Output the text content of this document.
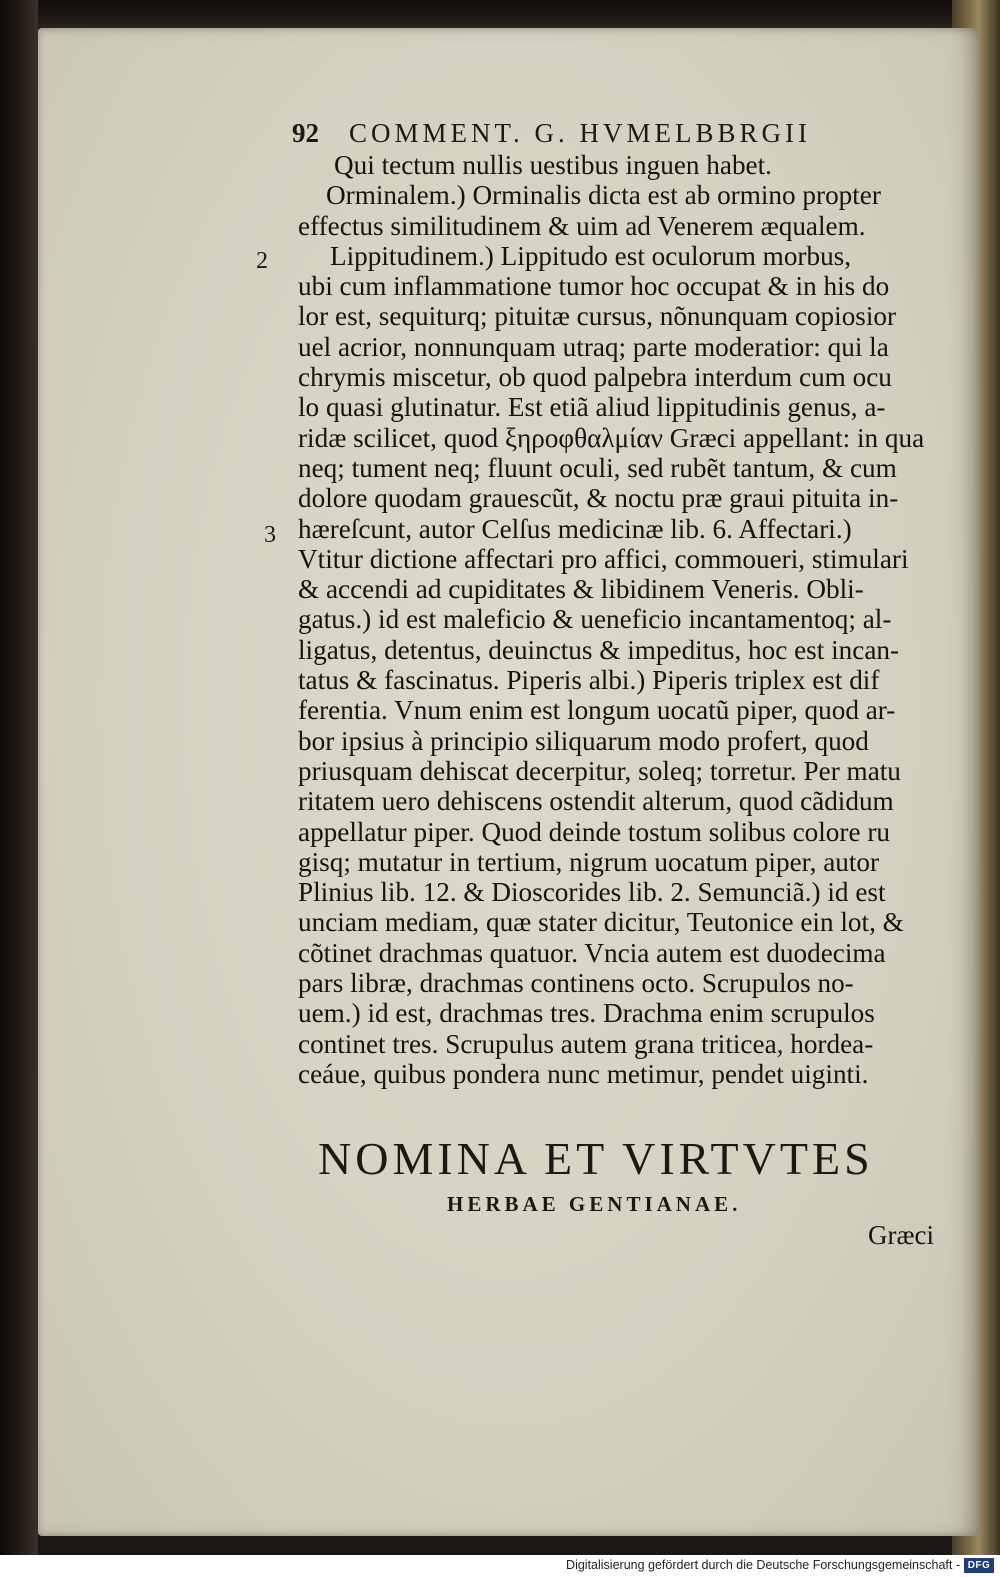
92 COMMENT. G. HVMELBBRGII
2
3
Qui tectum nullis uestibus inguen habet.
Orminalem.) Orminalis dicta est ab ormino propter
effectus similitudinem & uim ad Venerem æqualem.
Lippitudinem.) Lippitudo est oculorum morbus,
ubi cum inflammatione tumor hoc occupat & in his do
lor est, sequiturq; pituitæ cursus, nõnunquam copiosior
uel acrior, nonnunquam utraq; parte moderatior: qui la
chrymis miscetur, ob quod palpebra interdum cum ocu
lo quasi glutinatur. Est etiã aliud lippitudinis genus, a-
ridæ scilicet, quod ξηροφθαλμίαν Græci appellant: in qua
neq; tument neq; fluunt oculi, sed rubẽt tantum, & cum
dolore quodam grauescũt, & noctu præ graui pituita in-
hæreſcunt, autor Celſus medicinæ lib. 6. Affectari.)
Vtitur dictione affectari pro affici, commoueri, stimulari
& accendi ad cupiditates & libidinem Veneris. Obli-
gatus.) id est maleficio & ueneficio incantamentoq; al-
ligatus, detentus, deuinctus & impeditus, hoc est incan-
tatus & fascinatus. Piperis albi.) Piperis triplex est dif
ferentia. Vnum enim est longum uocatũ piper, quod ar-
bor ipsius à principio siliquarum modo profert, quod
priusquam dehiscat decerpitur, soleq; torretur. Per matu
ritatem uero dehiscens ostendit alterum, quod cãdidum
appellatur piper. Quod deinde tostum solibus colore ru
gisq; mutatur in tertium, nigrum uocatum piper, autor
Plinius lib. 12. & Dioscorides lib. 2. Semunciã.) id est
unciam mediam, quæ stater dicitur, Teutonice ein lot, &
cõtinet drachmas quatuor. Vncia autem est duodecima
pars libræ, drachmas continens octo. Scrupulos no-
uem.) id est, drachmas tres. Drachma enim scrupulos
continet tres. Scrupulus autem grana triticea, hordea-
ceáue, quibus pondera nunc metimur, pendet uiginti.
NOMINA ET VIRTVTES
HERBAE GENTIANAE.
Græci
Digitalisierung gefördert durch die Deutsche Forschungsgemeinschaft - DFG
